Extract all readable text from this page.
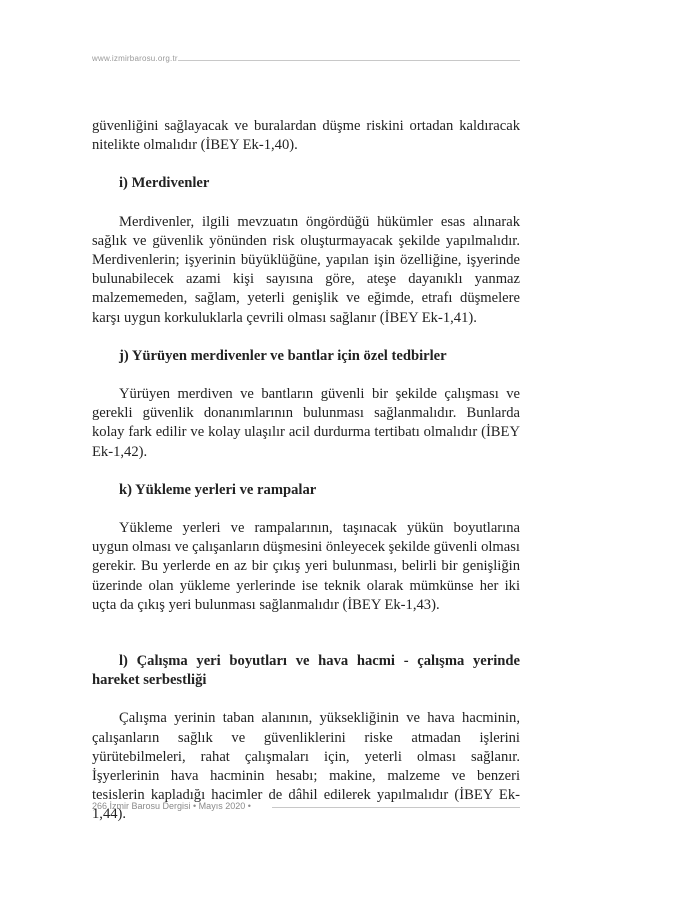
www.izmirbarosu.org.tr

güvenliğini sağlayacak ve buralardan düşme riskini ortadan kaldıracak nitelikte olmalıdır (İBEY Ek-1,40).

i) Merdivenler

Merdivenler, ilgili mevzuatın öngördüğü hükümler esas alınarak sağlık ve güvenlik yönünden risk oluşturmayacak şekilde yapılmalıdır. Merdivenlerin; işyerinin büyüklüğüne, yapılan işin özelliğine, işyerinde bulunabilecek azami kişi sayısına göre, ateşe dayanıklı yanmaz malzememeden, sağlam, yeterli genişlik ve eğimde, etrafı düşmelere karşı uygun korkuluklarla çevrili olması sağlanır (İBEY Ek-1,41).

j) Yürüyen merdivenler ve bantlar için özel tedbirler

Yürüyen merdiven ve bantların güvenli bir şekilde çalışması ve gerekli güvenlik donanımlarının bulunması sağlanmalıdır. Bunlarda kolay fark edilir ve kolay ulaşılır acil durdurma tertibatı olmalıdır (İBEY Ek-1,42).

k) Yükleme yerleri ve rampalar

Yükleme yerleri ve rampalarının, taşınacak yükün boyutlarına uygun olması ve çalışanların düşmesini önleyecek şekilde güvenli olması gerekir. Bu yerlerde en az bir çıkış yeri bulunması, belirli bir genişliğin üzerinde olan yükleme yerlerinde ise teknik olarak mümkünse her iki uçta da çıkış yeri bulunması sağlanmalıdır (İBEY Ek-1,43).

l) Çalışma yeri boyutları ve hava hacmi - çalışma yerinde hareket serbestliği

Çalışma yerinin taban alanının, yüksekliğinin ve hava hacminin, çalışanların sağlık ve güvenliklerini riske atmadan işlerini yürütebilmeleri, rahat çalışmaları için, yeterli olması sağlanır. İşyerlerinin hava hacminin hesabı; makine, malzeme ve benzeri tesislerin kapladığı hacimler de dâhil edilerek yapılmalıdır (İBEY Ek-1,44).

266 İzmir Barosu Dergisi • Mayıs 2020 •
